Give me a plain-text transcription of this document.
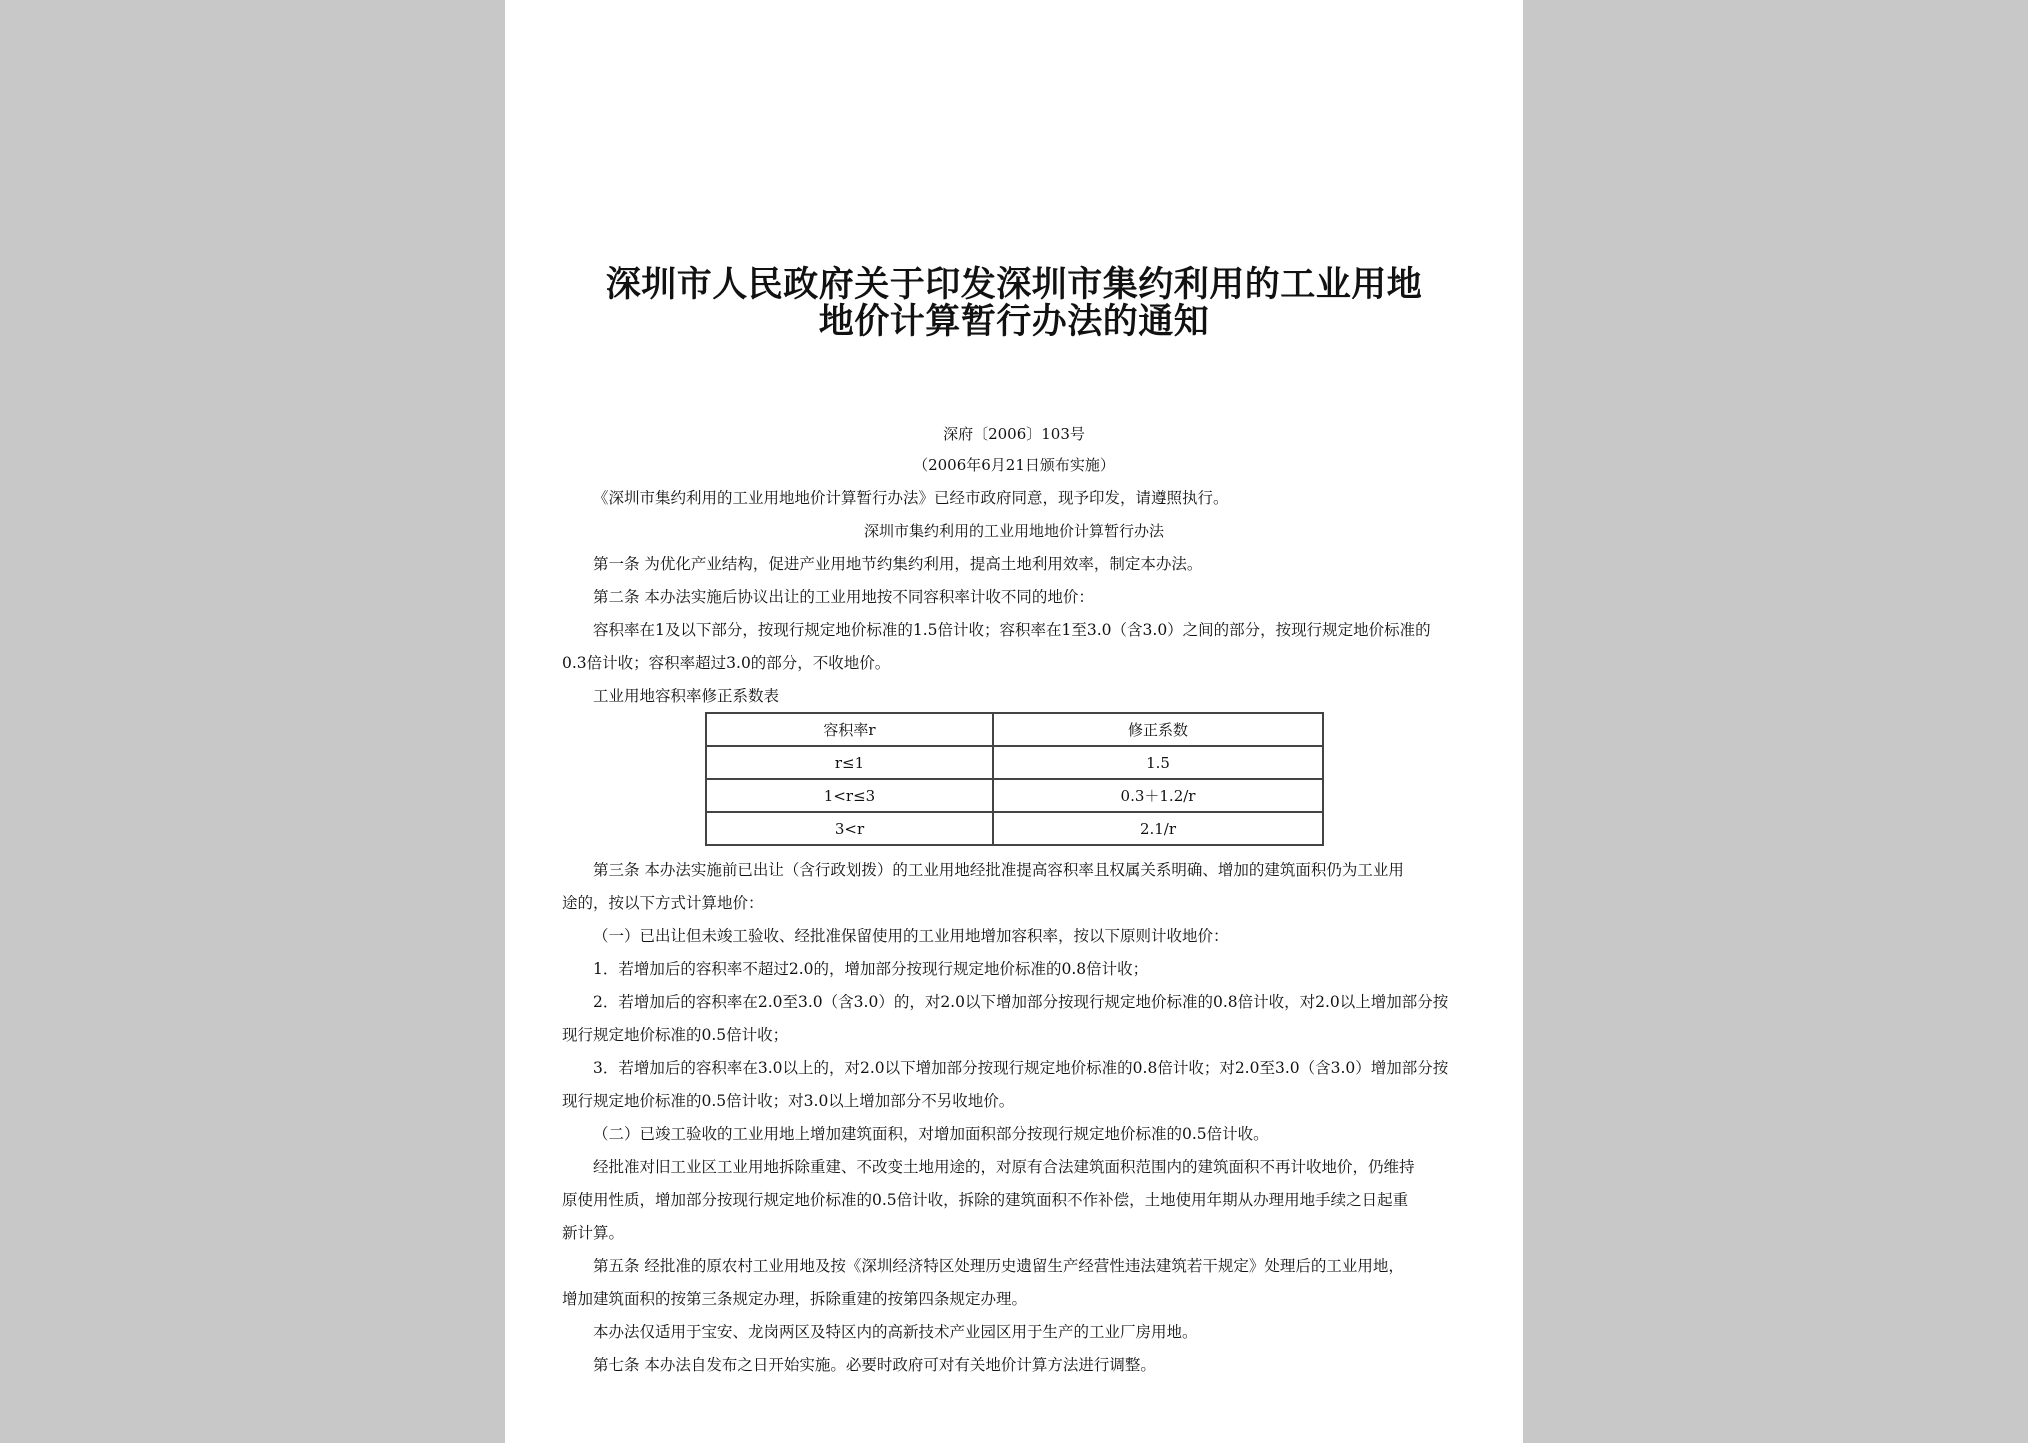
深圳市人民政府关于印发深圳市集约利用的工业用地
地价计算暂行办法的通知
深府〔2006〕103号
（2006年6月21日颁布实施）
《深圳市集约利用的工业用地地价计算暂行办法》已经市政府同意，现予印发，请遵照执行。
深圳市集约利用的工业用地地价计算暂行办法
第一条 为优化产业结构，促进产业用地节约集约利用，提高土地利用效率，制定本办法。
第二条 本办法实施后协议出让的工业用地按不同容积率计收不同的地价：
容积率在1及以下部分，按现行规定地价标准的1.5倍计收；容积率在1至3.0（含3.0）之间的部分，按现行规定地价标准的
0.3倍计收；容积率超过3.0的部分，不收地价。
工业用地容积率修正系数表
容积率r	修正系数
r≤1	1.5
1<r≤3	0.3＋1.2/r
3<r	2.1/r
第三条 本办法实施前已出让（含行政划拨）的工业用地经批准提高容积率且权属关系明确、增加的建筑面积仍为工业用
途的，按以下方式计算地价：
（一）已出让但未竣工验收、经批准保留使用的工业用地增加容积率，按以下原则计收地价：
1．若增加后的容积率不超过2.0的，增加部分按现行规定地价标准的0.8倍计收；
2．若增加后的容积率在2.0至3.0（含3.0）的，对2.0以下增加部分按现行规定地价标准的0.8倍计收，对2.0以上增加部分按
现行规定地价标准的0.5倍计收；
3．若增加后的容积率在3.0以上的，对2.0以下增加部分按现行规定地价标准的0.8倍计收；对2.0至3.0（含3.0）增加部分按
现行规定地价标准的0.5倍计收；对3.0以上增加部分不另收地价。
（二）已竣工验收的工业用地上增加建筑面积，对增加面积部分按现行规定地价标准的0.5倍计收。
经批准对旧工业区工业用地拆除重建、不改变土地用途的，对原有合法建筑面积范围内的建筑面积不再计收地价，仍维持
原使用性质，增加部分按现行规定地价标准的0.5倍计收，拆除的建筑面积不作补偿，土地使用年期从办理用地手续之日起重
新计算。
第五条 经批准的原农村工业用地及按《深圳经济特区处理历史遗留生产经营性违法建筑若干规定》处理后的工业用地，
增加建筑面积的按第三条规定办理，拆除重建的按第四条规定办理。
本办法仅适用于宝安、龙岗两区及特区内的高新技术产业园区用于生产的工业厂房用地。
第七条 本办法自发布之日开始实施。必要时政府可对有关地价计算方法进行调整。
